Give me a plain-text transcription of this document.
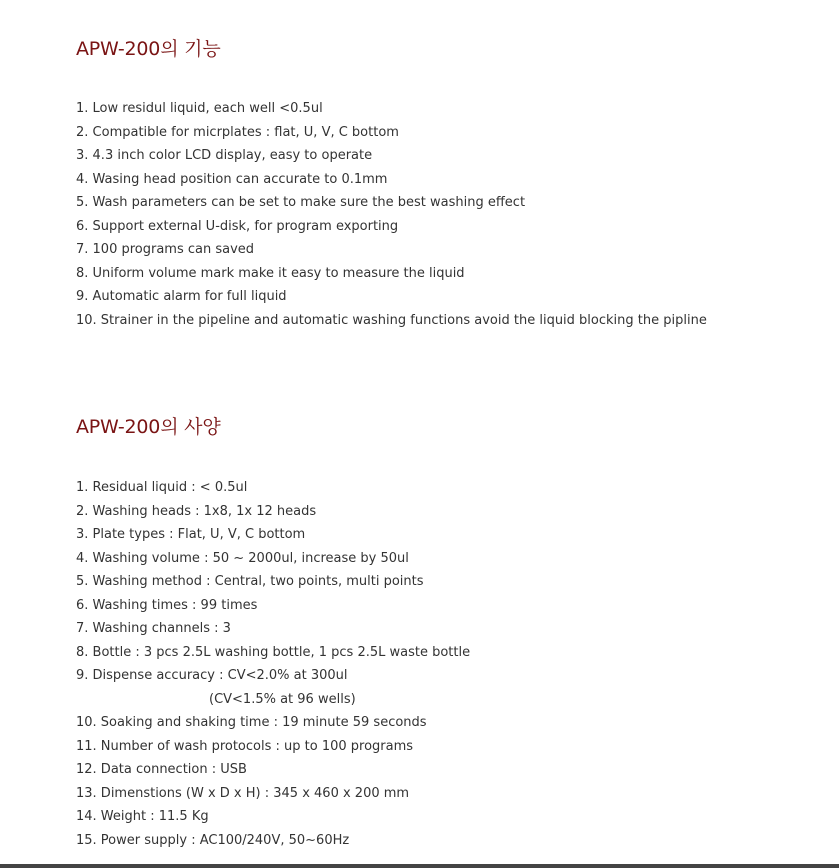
APW-200의 기능
1. Low residul liquid, each well <0.5ul
2. Compatible for micrplates : flat, U, V, C bottom
3. 4.3 inch color LCD display, easy to operate
4. Wasing head position can accurate to 0.1mm
5. Wash parameters can be set to make sure the best washing effect
6. Support external U-disk, for program exporting
7. 100 programs can saved
8. Uniform volume mark make it easy to measure the liquid
9. Automatic alarm for full liquid
10. Strainer in the pipeline and automatic washing functions avoid the liquid blocking the pipline
APW-200의 사양
1. Residual liquid : < 0.5ul
2. Washing heads : 1x8, 1x 12 heads
3. Plate types : Flat, U, V, C bottom
4. Washing volume : 50 ~ 2000ul, increase by 50ul
5. Washing method : Central, two points, multi points
6. Washing times : 99 times
7. Washing channels : 3
8. Bottle : 3 pcs 2.5L washing bottle, 1 pcs 2.5L waste bottle
9. Dispense accuracy : CV<2.0% at 300ul
(CV<1.5% at 96 wells)
10. Soaking and shaking time : 19 minute 59 seconds
11. Number of wash protocols : up to 100 programs
12. Data connection : USB
13. Dimenstions (W x D x H) : 345 x 460 x 200 mm
14. Weight : 11.5 Kg
15. Power supply : AC100/240V, 50~60Hz
